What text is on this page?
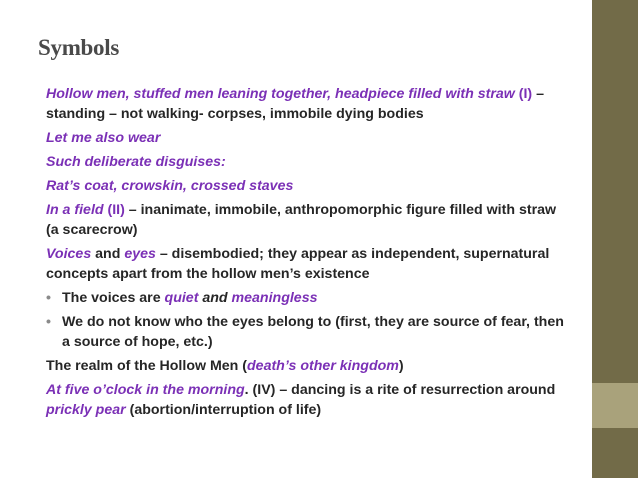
Symbols
Hollow men, stuffed men leaning together, headpiece filled with straw (I) – standing – not walking- corpses, immobile dying bodies
Let me also wear
Such deliberate disguises:
Rat’s coat, crowskin, crossed staves
In a field (II) – inanimate, immobile, anthropomorphic figure filled with straw (a scarecrow)
Voices and eyes – disembodied; they appear as independent, supernatural concepts apart from the hollow men’s existence
• The voices are quiet and meaningless
• We do not know who the eyes belong to (first, they are source of fear, then a source of hope, etc.)
The realm of the Hollow Men (death’s other kingdom)
At five o’clock in the morning. (IV) – dancing is a rite of resurrection around prickly pear (abortion/interruption of life)
